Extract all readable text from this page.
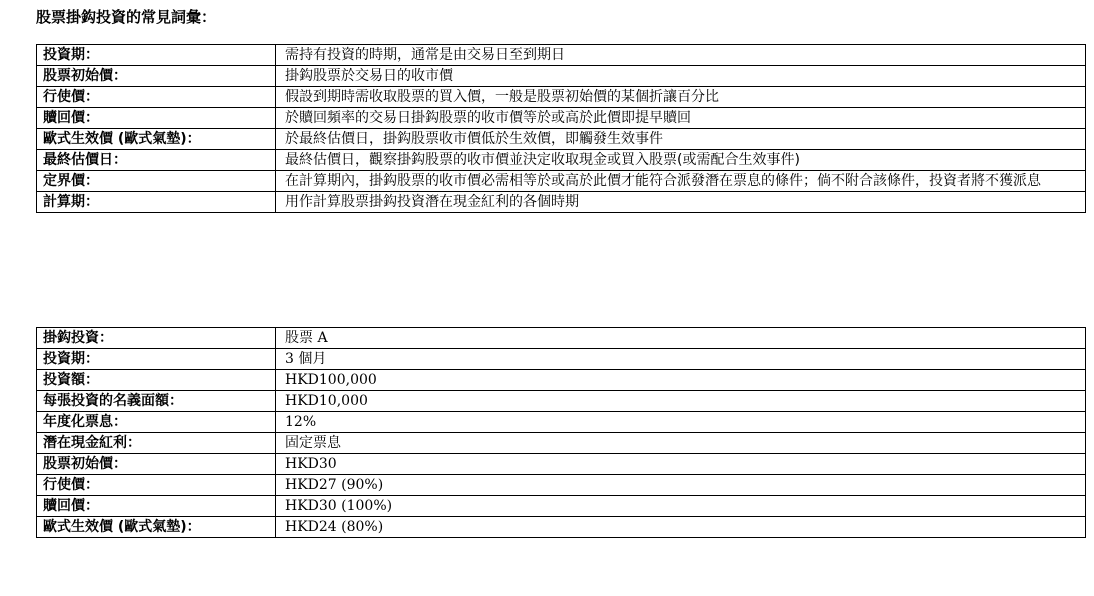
股票掛鈎投資的常見詞彙：
投資期：	需持有投資的時期，通常是由交易日至到期日
股票初始價：	掛鈎股票於交易日的收市價
行使價：	假設到期時需收取股票的買入價，一般是股票初始價的某個折讓百分比
贖回價：	於贖回頻率的交易日掛鈎股票的收市價等於或高於此價即提早贖回
歐式生效價 (歐式氣墊)：	於最終估價日，掛鈎股票收市價低於生效價，即觸發生效事件
最終估價日：	最終估價日，觀察掛鈎股票的收市價並決定收取現金或買入股票(或需配合生效事件)
定界價：	在計算期內，掛鈎股票的收市價必需相等於或高於此價才能符合派發潛在票息的條件；倘不附合該條件，投資者將不獲派息
計算期：	用作計算股票掛鈎投資潛在現金紅利的各個時期
掛鈎投資：	股票 A
投資期：	3 個月
投資額：	HKD100,000
每張投資的名義面額：	HKD10,000
年度化票息：	12%
潛在現金紅利：	固定票息
股票初始價：	HKD30
行使價：	HKD27 (90%)
贖回價：	HKD30 (100%)
歐式生效價 (歐式氣墊)：	HKD24 (80%)
